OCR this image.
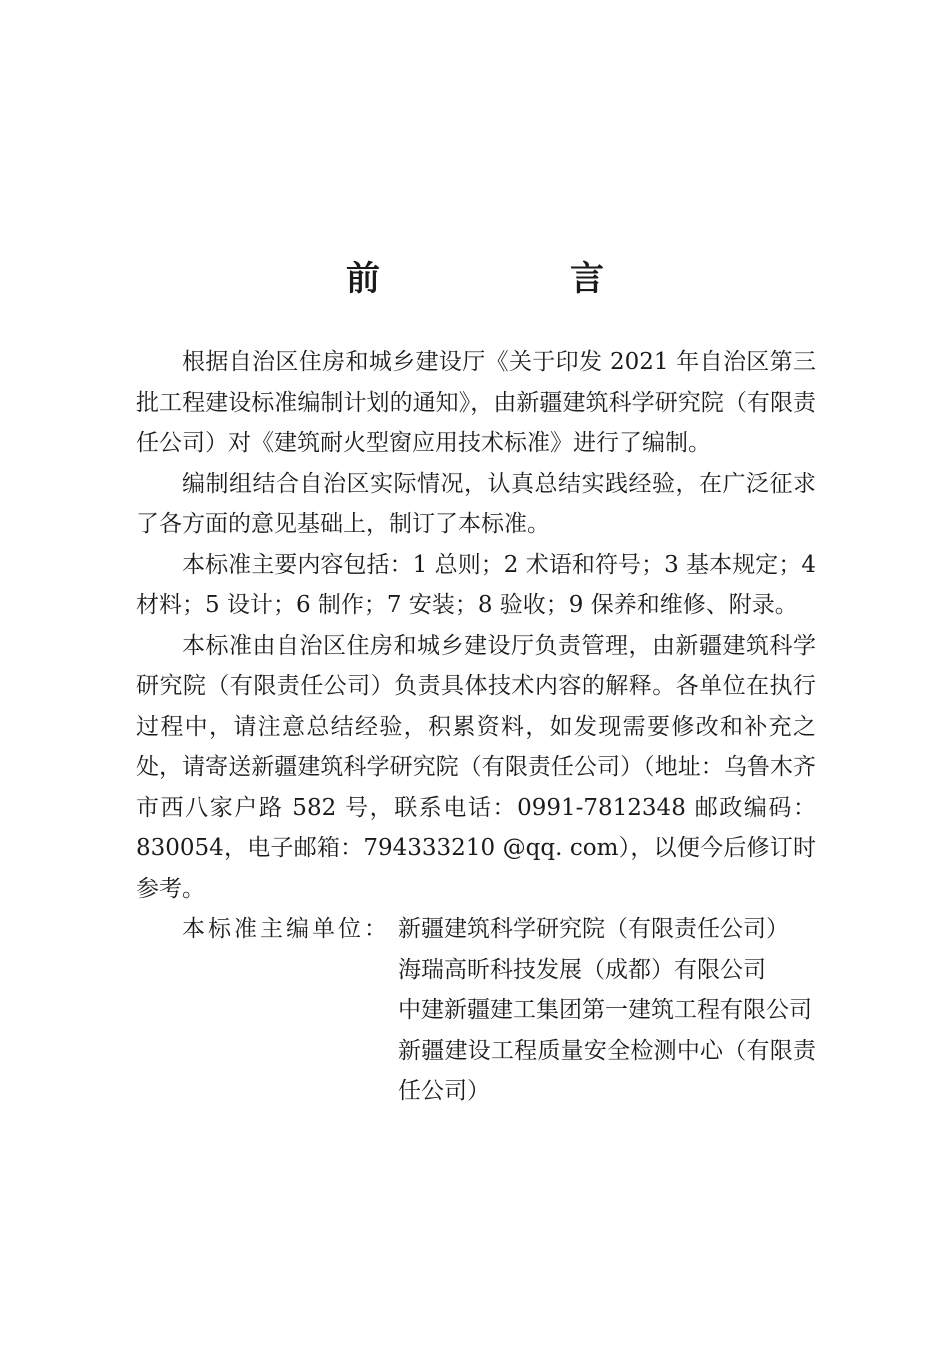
前　言

根据自治区住房和城乡建设厅《关于印发 2021 年自治区第三批工程建设标准编制计划的通知》，由新疆建筑科学研究院（有限责任公司）对《建筑耐火型窗应用技术标准》进行了编制。

编制组结合自治区实际情况，认真总结实践经验，在广泛征求了各方面的意见基础上，制订了本标准。

本标准主要内容包括：1 总则；2 术语和符号；3 基本规定；4 材料；5 设计；6 制作；7 安装；8 验收；9 保养和维修、附录。

本标准由自治区住房和城乡建设厅负责管理，由新疆建筑科学研究院（有限责任公司）负责具体技术内容的解释。各单位在执行过程中，请注意总结经验，积累资料，如发现需要修改和补充之处，请寄送新疆建筑科学研究院（有限责任公司）（地址：乌鲁木齐市西八家户路 582 号，联系电话：0991-7812348 邮政编码：830054，电子邮箱：794333210 @qq. com），以便今后修订时参考。

本标准主编单位： 新疆建筑科学研究院（有限责任公司）

海瑞高昕科技发展（成都）有限公司

中建新疆建工集团第一建筑工程有限公司

新疆建设工程质量安全检测中心（有限责任公司）
